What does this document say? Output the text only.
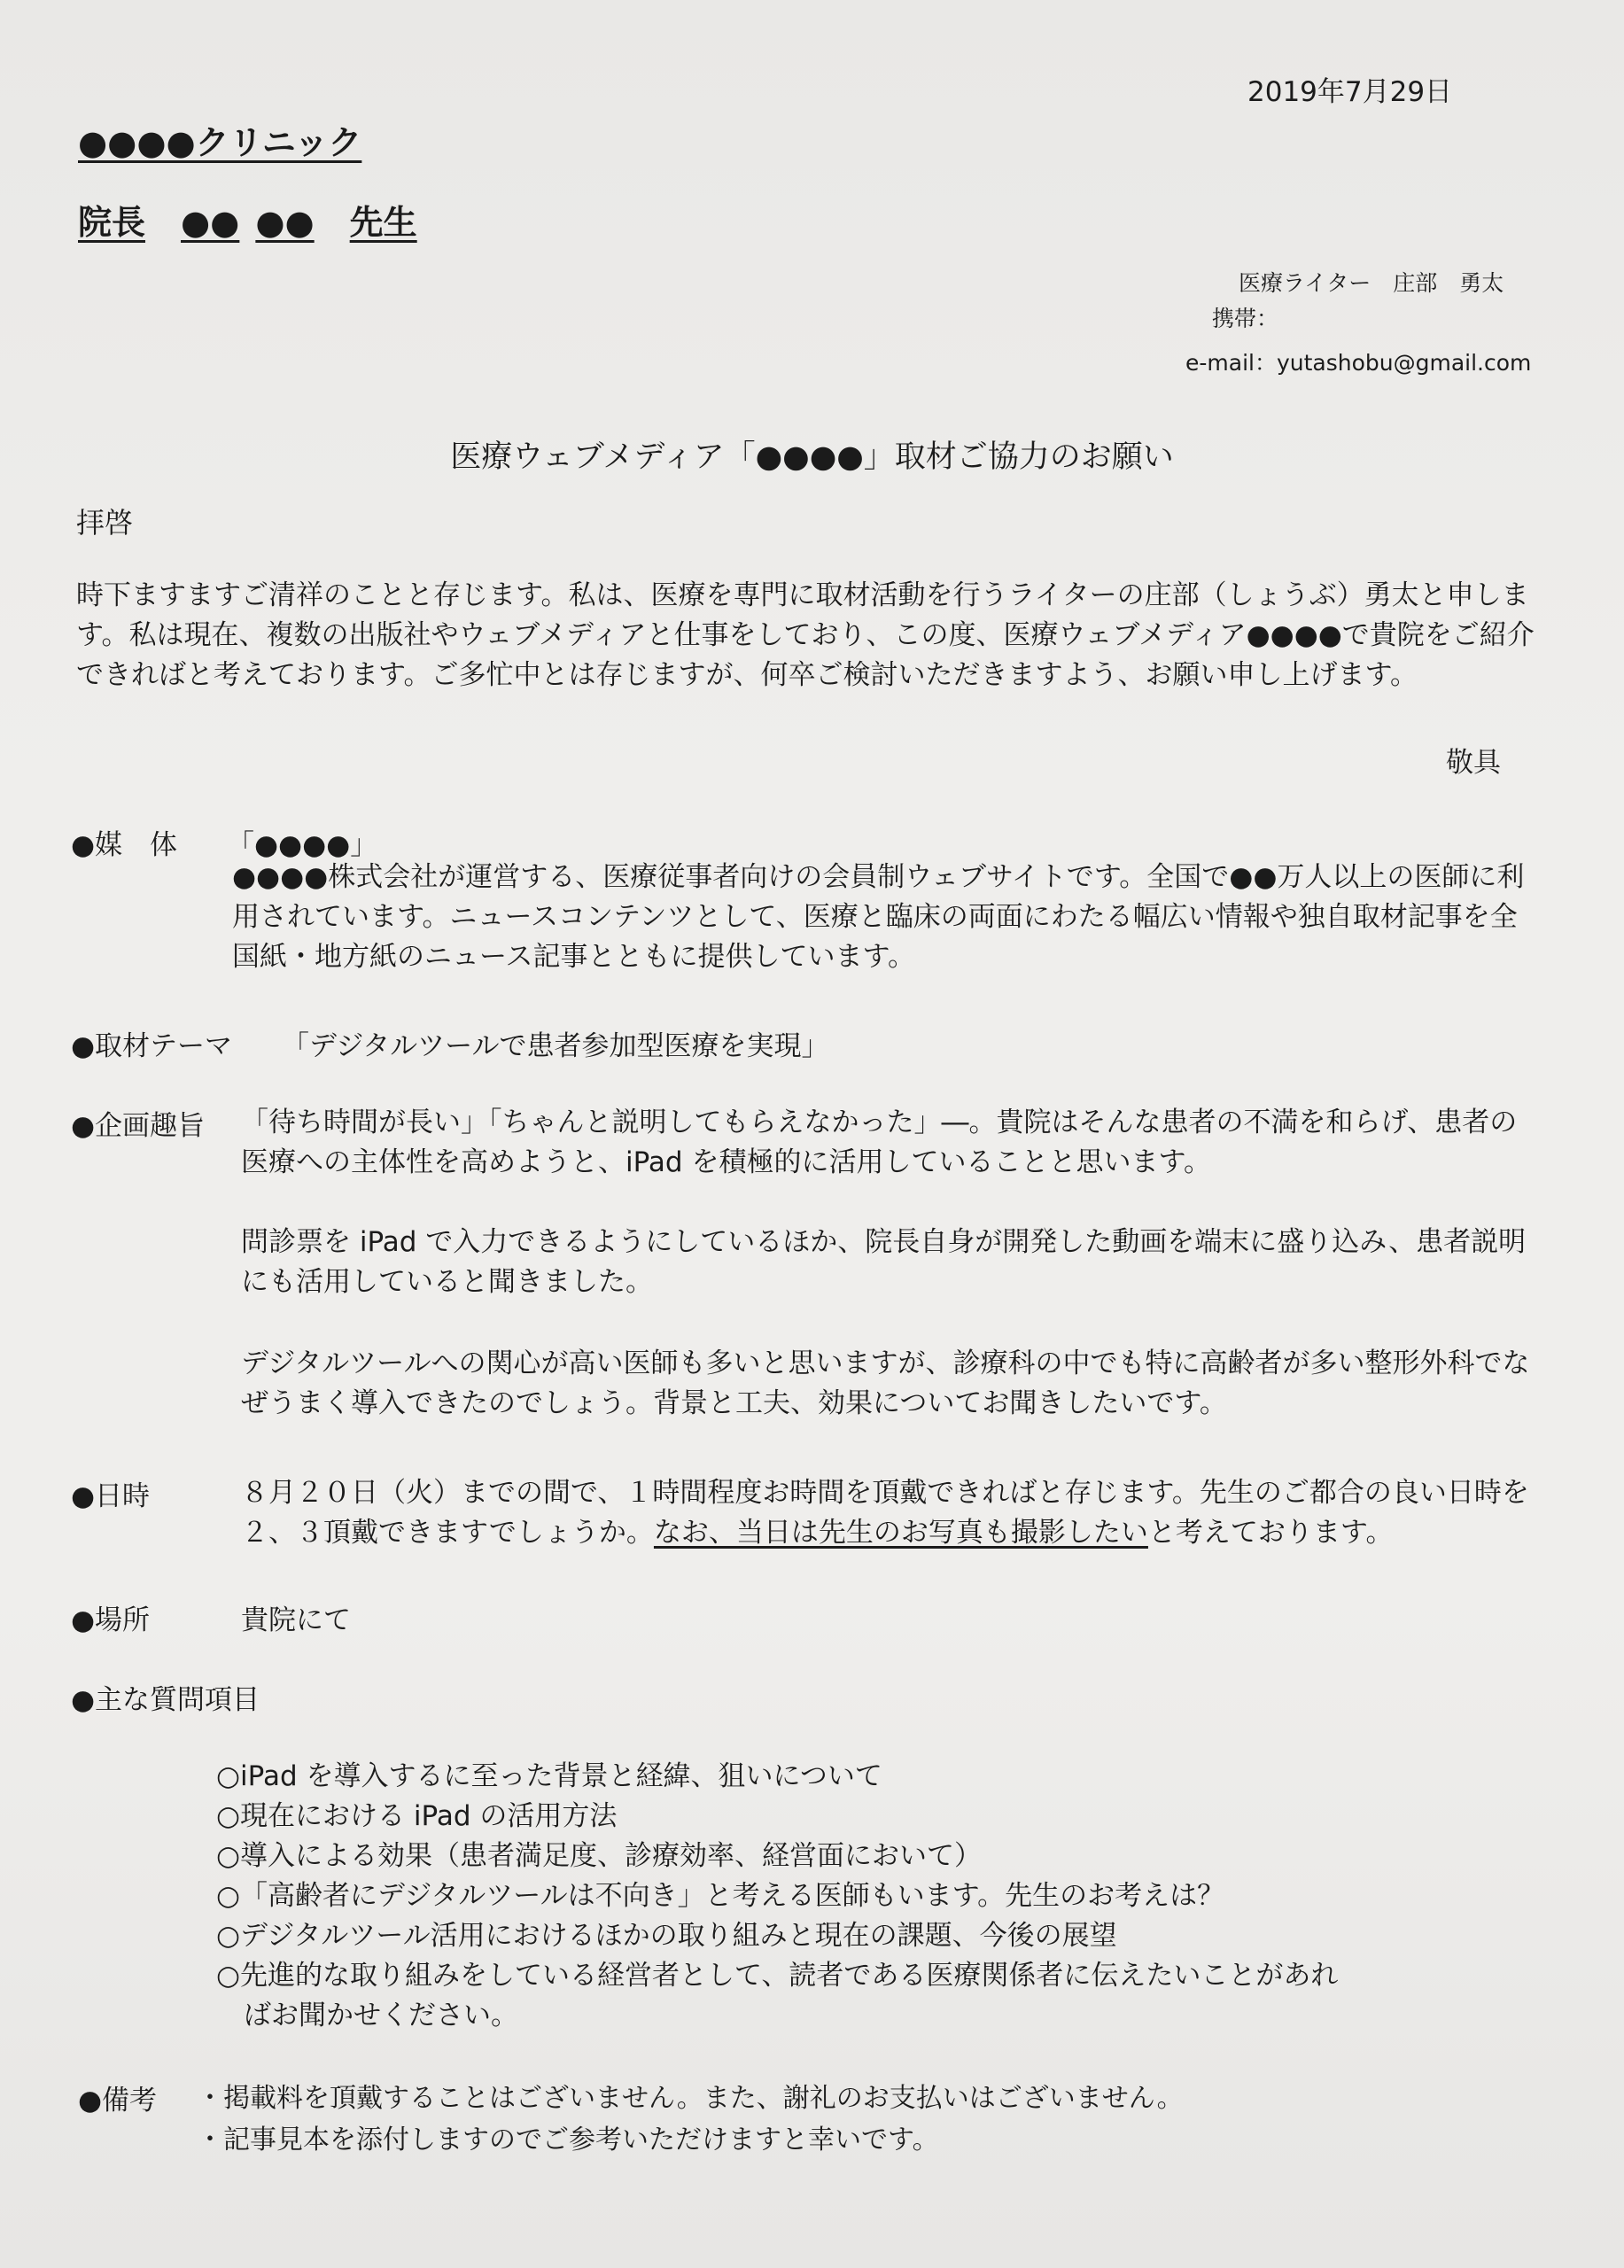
2019年7月29日
●●●●クリニック
院長 ●● ●● 先生
医療ライター　庄部　勇太
携帯：
e-mail：yutashobu@gmail.com
医療ウェブメディア「●●●●」取材ご協力のお願い
拝啓
時下ますますご清祥のことと存じます。私は、医療を専門に取材活動を行うライターの庄部（しょうぶ）勇太と申します。私は現在、複数の出版社やウェブメディアと仕事をしており、この度、医療ウェブメディア●●●●で貴院をご紹介できればと考えております。ご多忙中とは存じますが、何卒ご検討いただきますよう、お願い申し上げます。
敬具
●媒　体 「●●●●」
●●●●株式会社が運営する、医療従事者向けの会員制ウェブサイトです。全国で●●万人以上の医師に利用されています。ニュースコンテンツとして、医療と臨床の両面にわたる幅広い情報や独自取材記事を全国紙・地方紙のニュース記事とともに提供しています。
●取材テーマ 「デジタルツールで患者参加型医療を実現」
●企画趣旨 「待ち時間が長い」「ちゃんと説明してもらえなかった」―。貴院はそんな患者の不満を和らげ、患者の医療への主体性を高めようと、iPad を積極的に活用していることと思います。
問診票を iPad で入力できるようにしているほか、院長自身が開発した動画を端末に盛り込み、患者説明にも活用していると聞きました。
デジタルツールへの関心が高い医師も多いと思いますが、診療科の中でも特に高齢者が多い整形外科でなぜうまく導入できたのでしょう。背景と工夫、効果についてお聞きしたいです。
●日時	８月２０日（火）までの間で、１時間程度お時間を頂戴できればと存じます。先生のご都合の良い日時を２、３頂戴できますでしょうか。なお、当日は先生のお写真も撮影したいと考えております。
●場所	貴院にて
●主な質問項目
○iPad を導入するに至った背景と経緯、狙いについて
○現在における iPad の活用方法
○導入による効果（患者満足度、診療効率、経営面において）
○「高齢者にデジタルツールは不向き」と考える医師もいます。先生のお考えは？
○デジタルツール活用におけるほかの取り組みと現在の課題、今後の展望
○先進的な取り組みをしている経営者として、読者である医療関係者に伝えたいことがあれ
　ばお聞かせください。
●備考 ・掲載料を頂戴することはございません。また、謝礼のお支払いはございません。
・記事見本を添付しますのでご参考いただけますと幸いです。
